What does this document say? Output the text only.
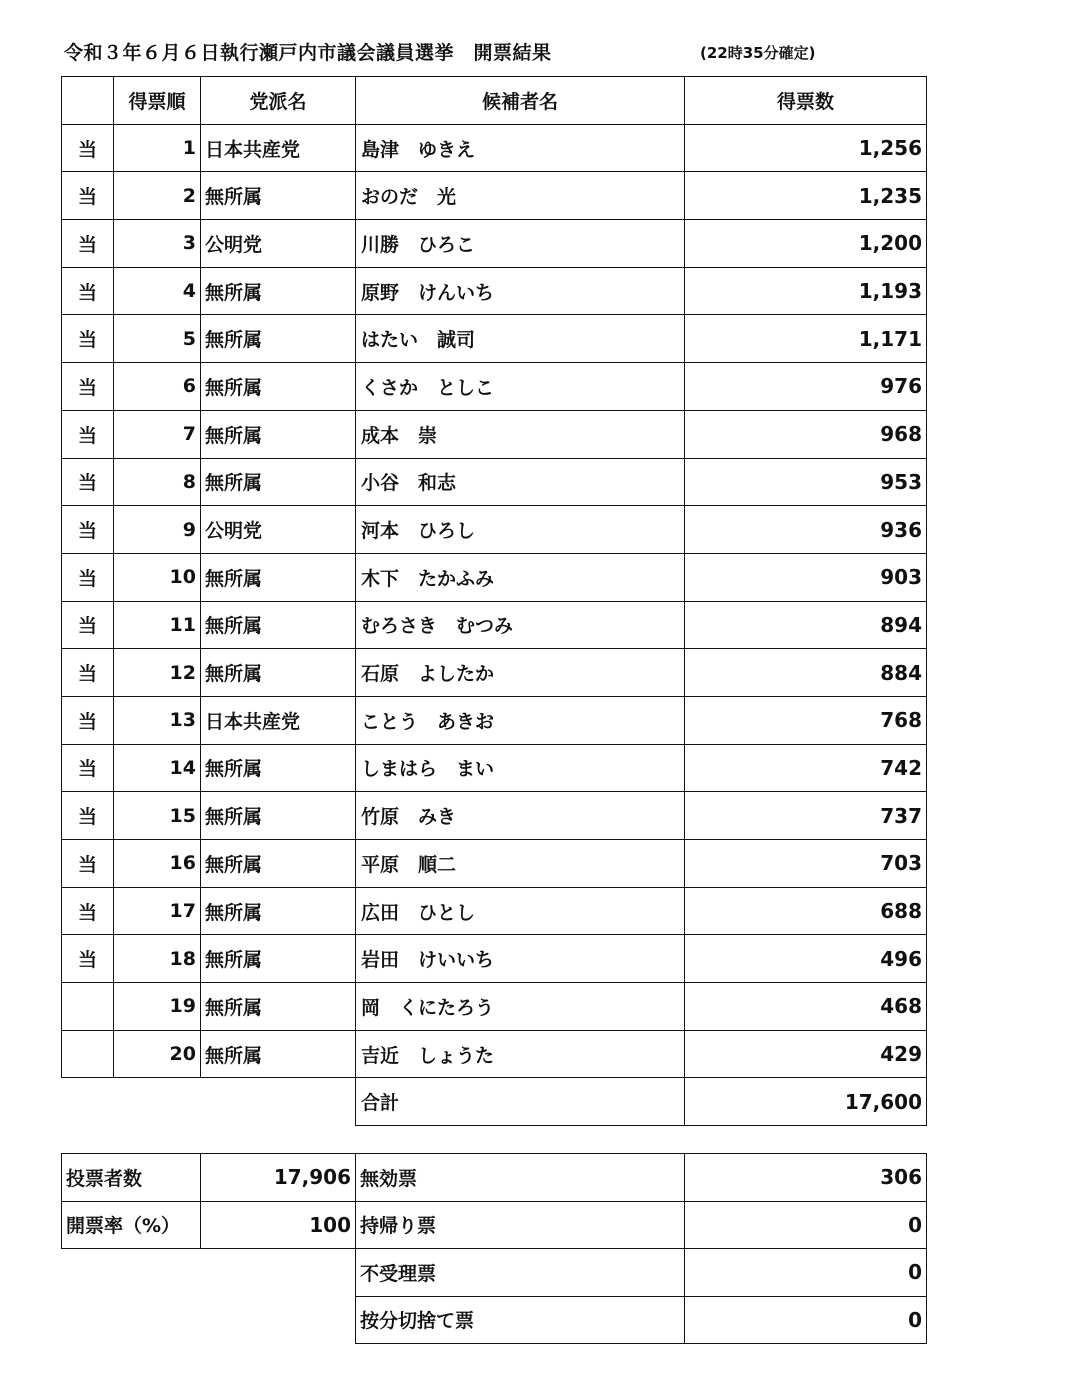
令和３年６月６日執行瀬戸内市議会議員選挙　開票結果	(22時35分確定)
	得票順	党派名	候補者名	得票数
当	1	日本共産党	島津　ゆきえ	1,256
当	2	無所属	おのだ　光	1,235
当	3	公明党	川勝　ひろこ	1,200
当	4	無所属	原野　けんいち	1,193
当	5	無所属	はたい　誠司	1,171
当	6	無所属	くさか　としこ	976
当	7	無所属	成本　崇	968
当	8	無所属	小谷　和志	953
当	9	公明党	河本　ひろし	936
当	10	無所属	木下　たかふみ	903
当	11	無所属	むろさき　むつみ	894
当	12	無所属	石原　よしたか	884
当	13	日本共産党	ことう　あきお	768
当	14	無所属	しまはら　まい	742
当	15	無所属	竹原　みき	737
当	16	無所属	平原　順二	703
当	17	無所属	広田　ひとし	688
当	18	無所属	岩田　けいいち	496
	19	無所属	岡　くにたろう	468
	20	無所属	吉近　しょうた	429
			合計	17,600
投票者数	17,906	無効票	306
開票率（%）	100	持帰り票	0
		不受理票	0
		按分切捨て票	0
